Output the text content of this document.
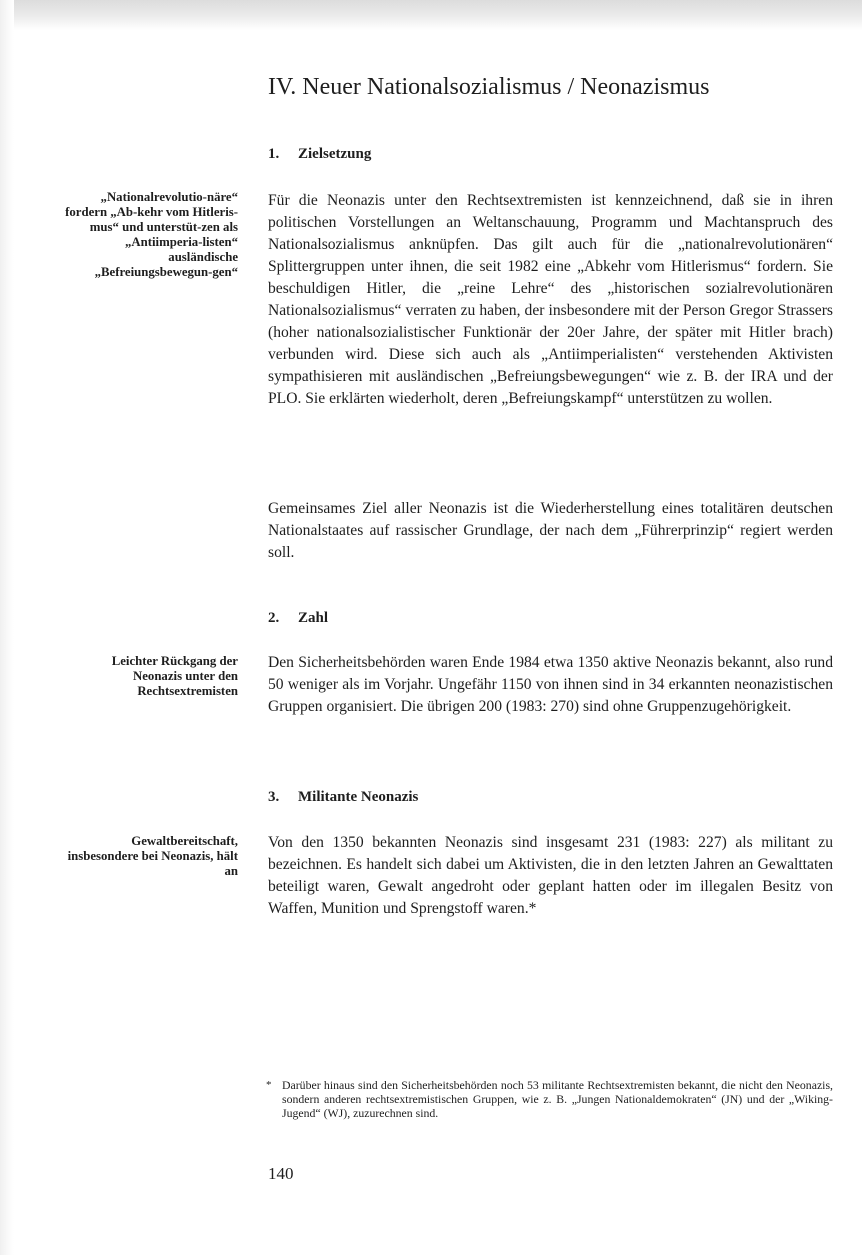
IV. Neuer Nationalsozialismus / Neonazismus
1. Zielsetzung
„Nationalrevolutio-näre“ fordern „Ab-kehr vom Hitleris-mus“ und unterstüt-zen als „Antiimperia-listen“ ausländische „Befreiungsbewegun-gen“

Für die Neonazis unter den Rechtsextremisten ist kennzeichnend, daß sie in ihren politischen Vorstellungen an Weltanschauung, Programm und Machtanspruch des Nationalsozialismus anknüpfen. Das gilt auch für die „nationalrevolutionären“ Splittergruppen unter ihnen, die seit 1982 eine „Abkehr vom Hitlerismus“ fordern. Sie beschuldigen Hitler, die „reine Lehre“ des „historischen sozialrevolutionären Nationalsozialismus“ verraten zu haben, der insbesondere mit der Person Gregor Strassers (hoher nationalsozialistischer Funktionär der 20er Jahre, der später mit Hitler brach) verbunden wird. Diese sich auch als „Antiimperialisten“ verstehenden Aktivisten sympathisieren mit ausländischen „Befreiungsbewegungen“ wie z. B. der IRA und der PLO. Sie erklärten wiederholt, deren „Befreiungskampf“ unterstützen zu wollen.

Gemeinsames Ziel aller Neonazis ist die Wiederherstellung eines totalitären deutschen Nationalstaates auf rassischer Grundlage, der nach dem „Führerprinzip“ regiert werden soll.

2. Zahl
Leichter Rückgang der Neonazis unter den Rechtsextremisten

Den Sicherheitsbehörden waren Ende 1984 etwa 1350 aktive Neonazis bekannt, also rund 50 weniger als im Vorjahr. Ungefähr 1150 von ihnen sind in 34 erkannten neonazistischen Gruppen organisiert. Die übrigen 200 (1983: 270) sind ohne Gruppenzugehörigkeit.

3. Militante Neonazis
Gewaltbereitschaft, insbesondere bei Neonazis, hält an

Von den 1350 bekannten Neonazis sind insgesamt 231 (1983: 227) als militant zu bezeichnen. Es handelt sich dabei um Aktivisten, die in den letzten Jahren an Gewalttaten beteiligt waren, Gewalt angedroht oder geplant hatten oder im illegalen Besitz von Waffen, Munition und Sprengstoff waren.*

* Darüber hinaus sind den Sicherheitsbehörden noch 53 militante Rechtsextremisten bekannt, die nicht den Neonazis, sondern anderen rechtsextremistischen Gruppen, wie z. B. „Jungen Nationaldemokraten“ (JN) und der „Wiking-Jugend“ (WJ), zuzurechnen sind.
140
